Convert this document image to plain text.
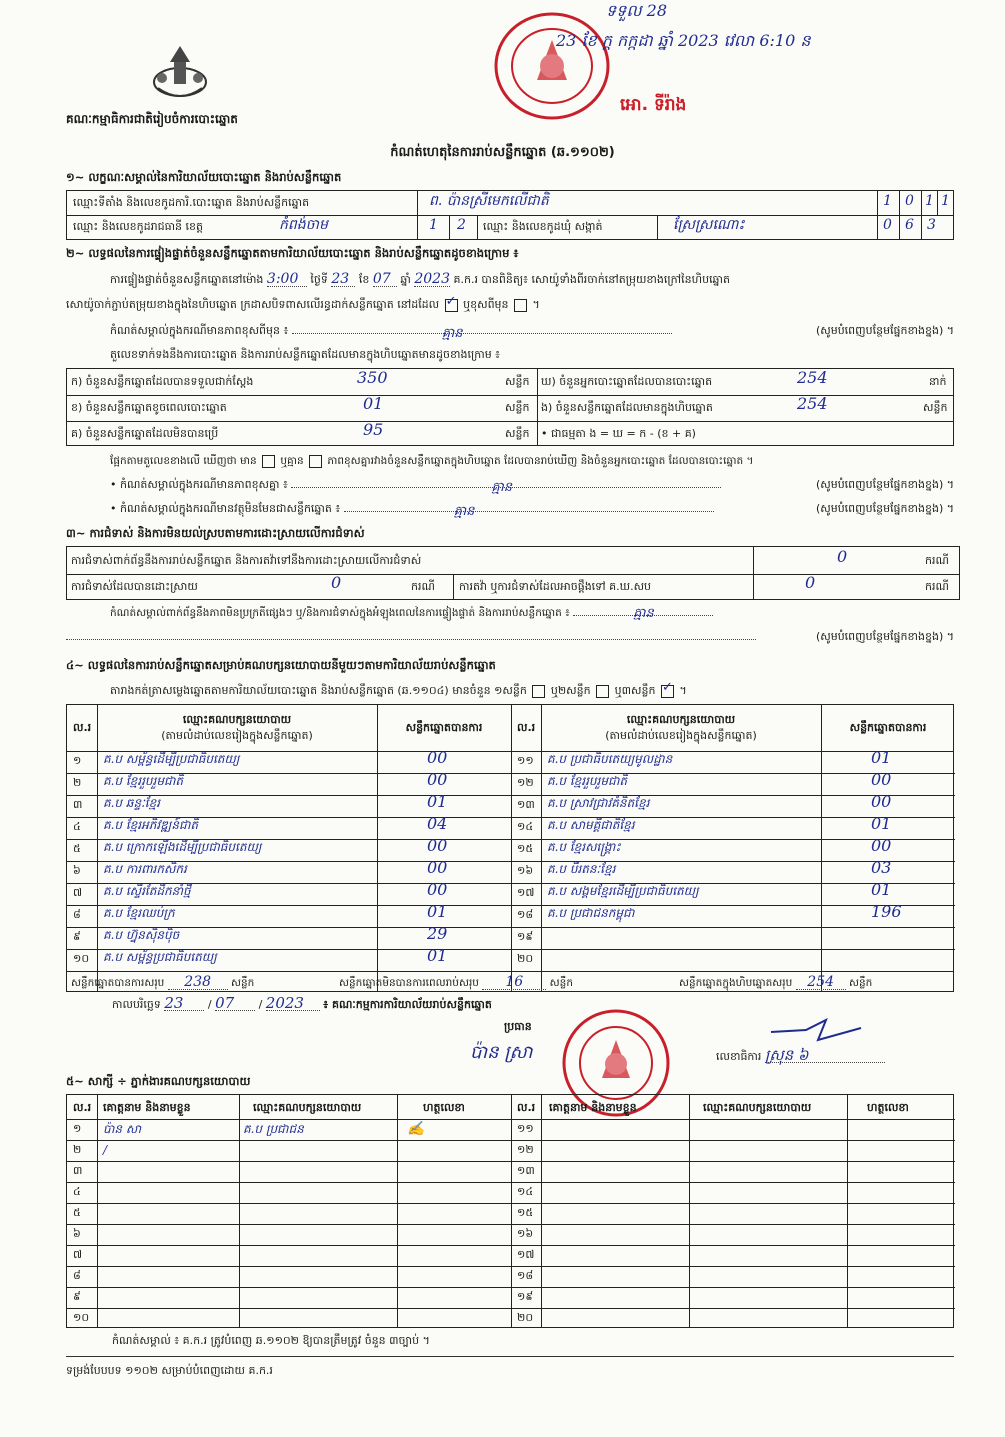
គណៈកម្មាធិការជាតិរៀបចំការបោះឆ្នោត
ទទួល 28
23 ខែ ក្ដ កក្កដា ឆ្នាំ 2023 វេលា 6:10 ន
អោ. ទីរ៉ាង
កំណត់ហេតុនៃការរាប់សន្លឹកឆ្នោត (ឆ.១១០២)
១~ លក្ខណៈសម្គាល់នៃការិយាល័យបោះឆ្នោត និងរាប់សន្លឹកឆ្នោត
ឈ្មោះទីតាំង និងលេខកូដការិ.បោះឆ្នោត និងរាប់សន្លឹកឆ្នោត	ព. ប៉ានស្រីមេកលើជាតិ	1 0 1 1
ឈ្មោះ និងលេខកូដរាជធានី ខេត្ត	កំពង់ចាម	1 2 ឈ្មោះ និងលេខកូដឃុំ សង្កាត់	ស្រែស្រណោះ	0 6 3
២~ លទ្ធផលនៃការផ្ទៀងផ្ទាត់ចំនួនសន្លឹកឆ្នោតតាមការិយាល័យបោះឆ្នោត និងរាប់សន្លឹកឆ្នោតដូចខាងក្រោម ៖
ការផ្ទៀងផ្ទាត់ចំនួនសន្លឹកឆ្នោតនៅម៉ោង 3:00 ថ្ងៃទី 23 ខែ 07 ឆ្នាំ 2023 គ.ក.រ បានពិនិត្យ៖ សោយ៉ូទាំងពីរចាក់នៅតម្រុយខាងក្រៅនៃហិបឆ្នោត
សោយ៉ូចាក់ភ្ជាប់តម្រុយខាងក្នុងនៃហិបឆ្នោត ក្រដាសបិទពាសលើរន្ធដាក់សន្លឹកឆ្នោត នៅដដែល ✓ ឬខុសពីមុន  ។
កំណត់សម្គាល់ក្នុងករណីមានភាពខុសពីមុន ៖	គ្មាន	(សូមបំពេញបន្ថែមផ្នែកខាងខ្នង) ។
តួលេខទាក់ទងនឹងការបោះឆ្នោត និងការរាប់សន្លឹកឆ្នោតដែលមានក្នុងហិបឆ្នោតមានដូចខាងក្រោម ៖
ក) ចំនួនសន្លឹកឆ្នោតដែលបានទទួលជាក់ស្ដែង	350	សន្លឹក ឃ) ចំនួនអ្នកបោះឆ្នោតដែលបានបោះឆ្នោត	254	នាក់
ខ) ចំនួនសន្លឹកឆ្នោតខូចពេលបោះឆ្នោត	01	សន្លឹក ង) ចំនួនសន្លឹកឆ្នោតដែលមានក្នុងហិបឆ្នោត	254	សន្លឹក
គ) ចំនួនសន្លឹកឆ្នោតដែលមិនបានប្រើ	95	សន្លឹក • ជាធម្មតា ង = ឃ = ក - (ខ + គ)
ផ្អែកតាមតួលេខខាងលើ ឃើញថា មាន ឬគ្មាន ភាពខុសគ្នារវាងចំនួនសន្លឹកឆ្នោតក្នុងហិបឆ្នោត ដែលបានរាប់ឃើញ និងចំនួនអ្នកបោះឆ្នោត ដែលបានបោះឆ្នោត ។
• កំណត់សម្គាល់ក្នុងករណីមានភាពខុសគ្នា ៖	គ្មាន	(សូមបំពេញបន្ថែមផ្នែកខាងខ្នង) ។
• កំណត់សម្គាល់ក្នុងករណីមានវត្ថុមិនមែនជាសន្លឹកឆ្នោត ៖	គ្មាន	(សូមបំពេញបន្ថែមផ្នែកខាងខ្នង) ។
៣~ ការជំទាស់ និងការមិនយល់ស្របតាមការដោះស្រាយលើការជំទាស់
ការជំទាស់ពាក់ព័ន្ធនឹងការរាប់សន្លឹកឆ្នោត និងការតវ៉ាទៅនឹងការដោះស្រាយលើការជំទាស់	0	ករណី
ការជំទាស់ដែលបានដោះស្រាយ	0	ករណី ការតវ៉ា ឬការជំទាស់ដែលអាចផ្ដឹងទៅ គ.ឃ.សប	0	ករណី
កំណត់សម្គាល់ពាក់ព័ន្ធនឹងភាពមិនប្រក្រតីផ្សេងៗ ឬ/និងការជំទាស់ក្នុងអំឡុងពេលនៃការផ្ទៀងផ្ទាត់ និងការរាប់សន្លឹកឆ្នោត ៖	គ្មាន
(សូមបំពេញបន្ថែមផ្នែកខាងខ្នង) ។
៤~ លទ្ធផលនៃការរាប់សន្លឹកឆ្នោតសម្រាប់គណបក្សនយោបាយនីមួយៗតាមការិយាល័យរាប់សន្លឹកឆ្នោត
តារាងកត់ត្រាសម្លេងឆ្នោតតាមការិយាល័យបោះឆ្នោត និងរាប់សន្លឹកឆ្នោត (ឆ.១១០៤) មានចំនួន ១សន្លឹក ឬ២សន្លឹក ឬ៣សន្លឹក ✓ ។
ល.រ
ឈ្មោះគណបក្សនយោបាយ
(តាមលំដាប់លេខរៀងក្នុងសន្លឹកឆ្នោត)
សន្លឹកឆ្នោតបានការ	ល.រ
ឈ្មោះគណបក្សនយោបាយ
(តាមលំដាប់លេខរៀងក្នុងសន្លឹកឆ្នោត)
សន្លឹកឆ្នោតបានការ
១ គ.ប សម្ព័ន្ធដើម្បីប្រជាធិបតេយ្យ	00	១១ គ.ប ប្រជាធិបតេយ្យមូលដ្ឋាន	01
២ គ.ប ខ្មែររួបរួមជាតិ	00	១២ គ.ប ខ្មែររួបរួមជាតិ	00
៣ គ.ប ឆន្ទៈខ្មែរ	01	១៣ គ.ប ស្រាវជ្រាវគំនិតខ្មែរ	00
៤ គ.ប ខ្មែរអភិវឌ្ឍន៍ជាតិ	04	១៤ គ.ប សាមគ្គីជាតិខ្មែរ	01
៥ គ.ប ក្រោកឡើងដើម្បីប្រជាធិបតេយ្យ	00	១៥ គ.ប ខ្មែរសង្គ្រោះ	00
៦ គ.ប ការពារកសិករ	00	១៦ គ.ប បីរតនៈខ្មែរ	03
៧ គ.ប ស្ទើរតែដឹកនាំថ្មី	00	១៧ គ.ប សង្គមខ្មែរដើម្បីប្រជាធិបតេយ្យ	01
៨ គ.ប ខ្មែរឈប់ក្រ	01	១៨ គ.ប ប្រជាជនកម្ពុជា	196
៩ គ.ប ហ្វ៊ុនស៊ិនប៉ិច	29	១៩
១០ គ.ប សម្ព័ន្ធប្រជាធិបតេយ្យ	01	២០
សន្លឹកឆ្នោតបានការសរុប 238 សន្លឹក	សន្លឹកឆ្នោតមិនបានការពេលរាប់សរុប 16	សន្លឹក	សន្លឹកឆ្នោតក្នុងហិបឆ្នោតសរុប 254 សន្លឹក
កាលបរិច្ឆេទ 23 / 07 / 2023 ៖ គណៈកម្មការការិយាល័យរាប់សន្លឹកឆ្នោត
ប្រធាន
ប៉ាន ស្រា	លេខាធិការ ស្រុន ៦
៥~ សាក្សី ÷ ភ្នាក់ងារគណបក្សនយោបាយ
ល.រ គោត្តនាម និងនាមខ្លួន	ឈ្មោះគណបក្សនយោបាយ	ហត្ថលេខា	ល.រ គោត្តនាម និងនាមខ្លួន	ឈ្មោះគណបក្សនយោបាយ	ហត្ថលេខា
១ ប៉ាន សា	គ.ប ប្រជាជន	✍	១១
២ /	១២
៣	១៣
៤	១៤
៥	១៥
៦	១៦
៧	១៧
៨	១៨
៩	១៩
១០	២០
កំណត់សម្គាល់ ៖ គ.ក.រ ត្រូវបំពេញ ឆ.១១០២ ឱ្យបានត្រឹមត្រូវ ចំនួន ៣ច្បាប់ ។
ទម្រង់បែបបទ ១១០២ សម្រាប់បំពេញដោយ គ.ក.រ
